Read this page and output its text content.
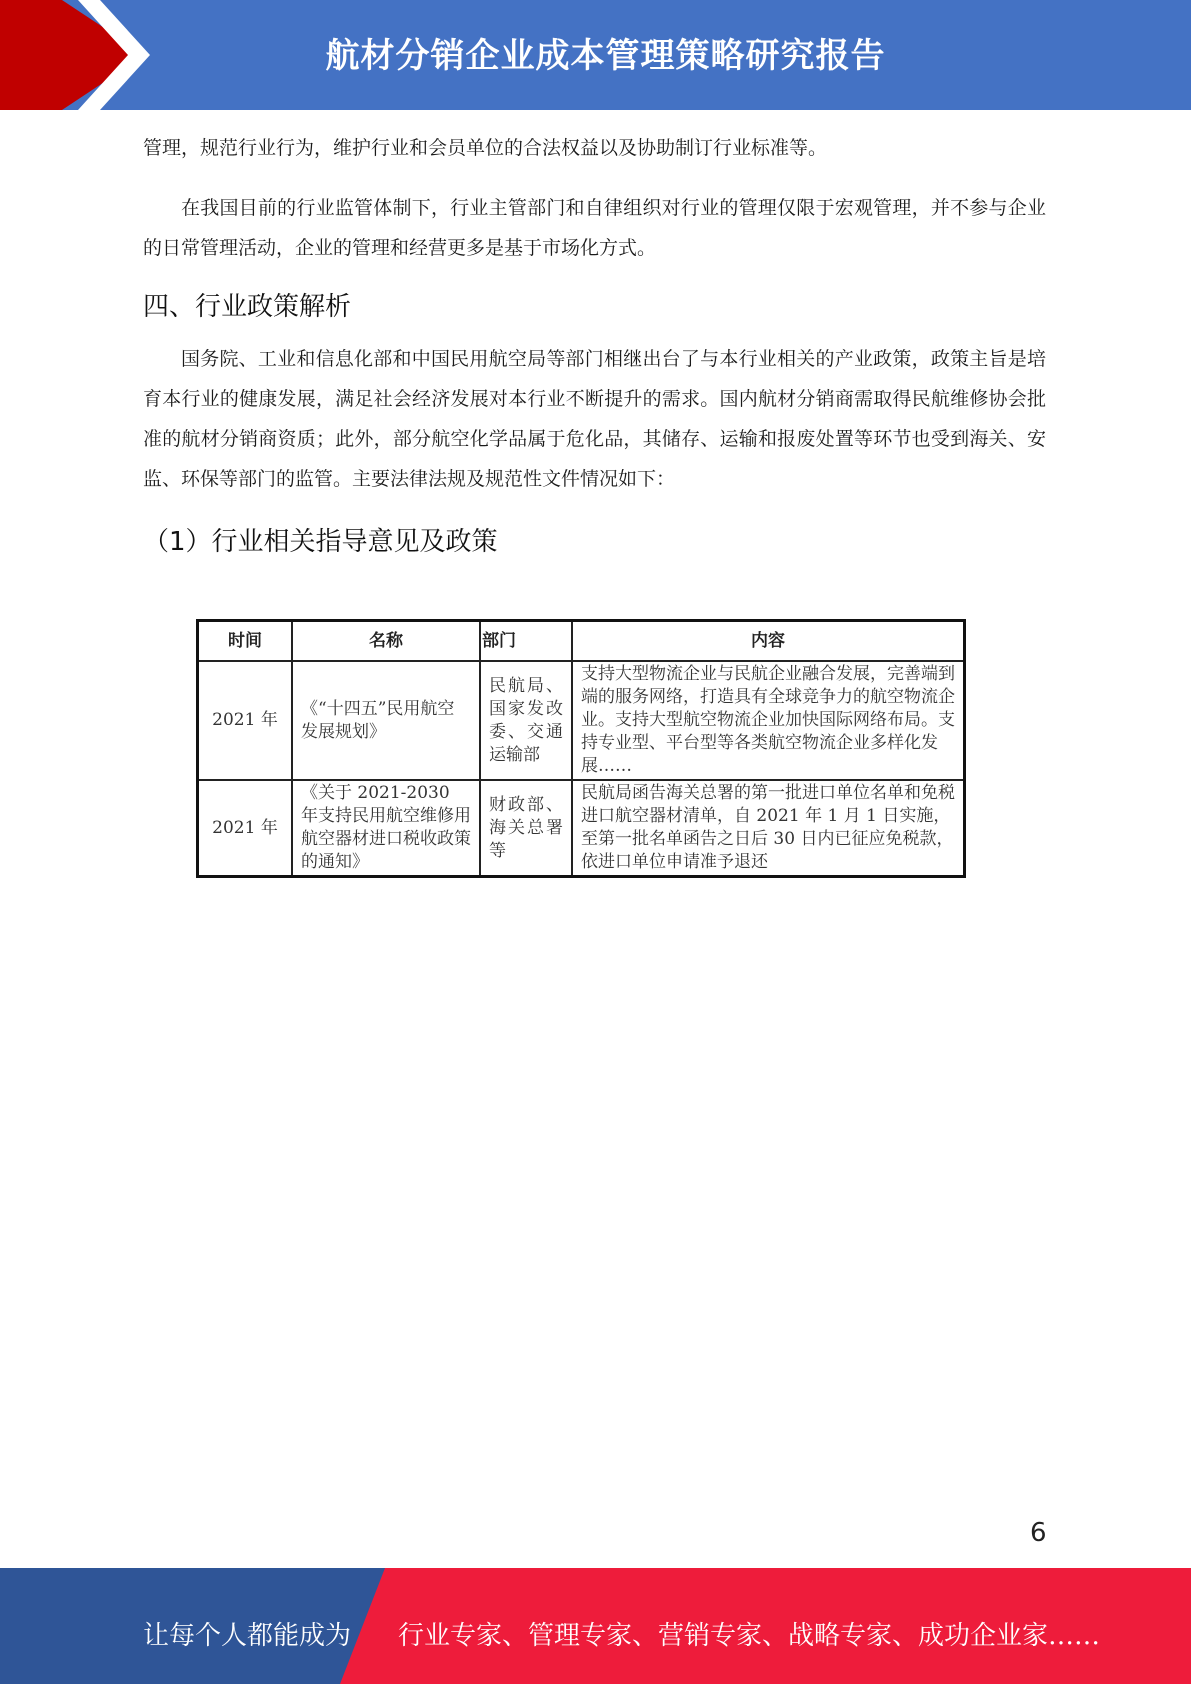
航材分销企业成本管理策略研究报告

管理，规范行业行为，维护行业和会员单位的合法权益以及协助制订行业标准等。

在我国目前的行业监管体制下，行业主管部门和自律组织对行业的管理仅限于宏观管理，并不参与企业的日常管理活动，企业的管理和经营更多是基于市场化方式。

四、行业政策解析

国务院、工业和信息化部和中国民用航空局等部门相继出台了与本行业相关的产业政策，政策主旨是培育本行业的健康发展，满足社会经济发展对本行业不断提升的需求。国内航材分销商需取得民航维修协会批准的航材分销商资质；此外，部分航空化学品属于危化品，其储存、运输和报废处置等环节也受到海关、安监、环保等部门的监管。主要法律法规及规范性文件情况如下：

（1）行业相关指导意见及政策
时间	名称	部门	内容
2021 年	《“十四五”民用航空发展规划》	民航局、国家发改委、交通运输部	支持大型物流企业与民航企业融合发展，完善端到端的服务网络，打造具有全球竞争力的航空物流企业。支持大型航空物流企业加快国际网络布局。支持专业型、平台型等各类航空物流企业多样化发展……
2021 年	《关于 2021-2030 年支持民用航空维修用航空器材进口税收政策的通知》	财政部、海关总署等	民航局函告海关总署的第一批进口单位名单和免税进口航空器材清单，自 2021 年 1 月 1 日实施，至第一批名单函告之日后 30 日内已征应免税款，依进口单位申请准予退还
6
让每个人都能成为 行业专家、管理专家、营销专家、战略专家、成功企业家……
